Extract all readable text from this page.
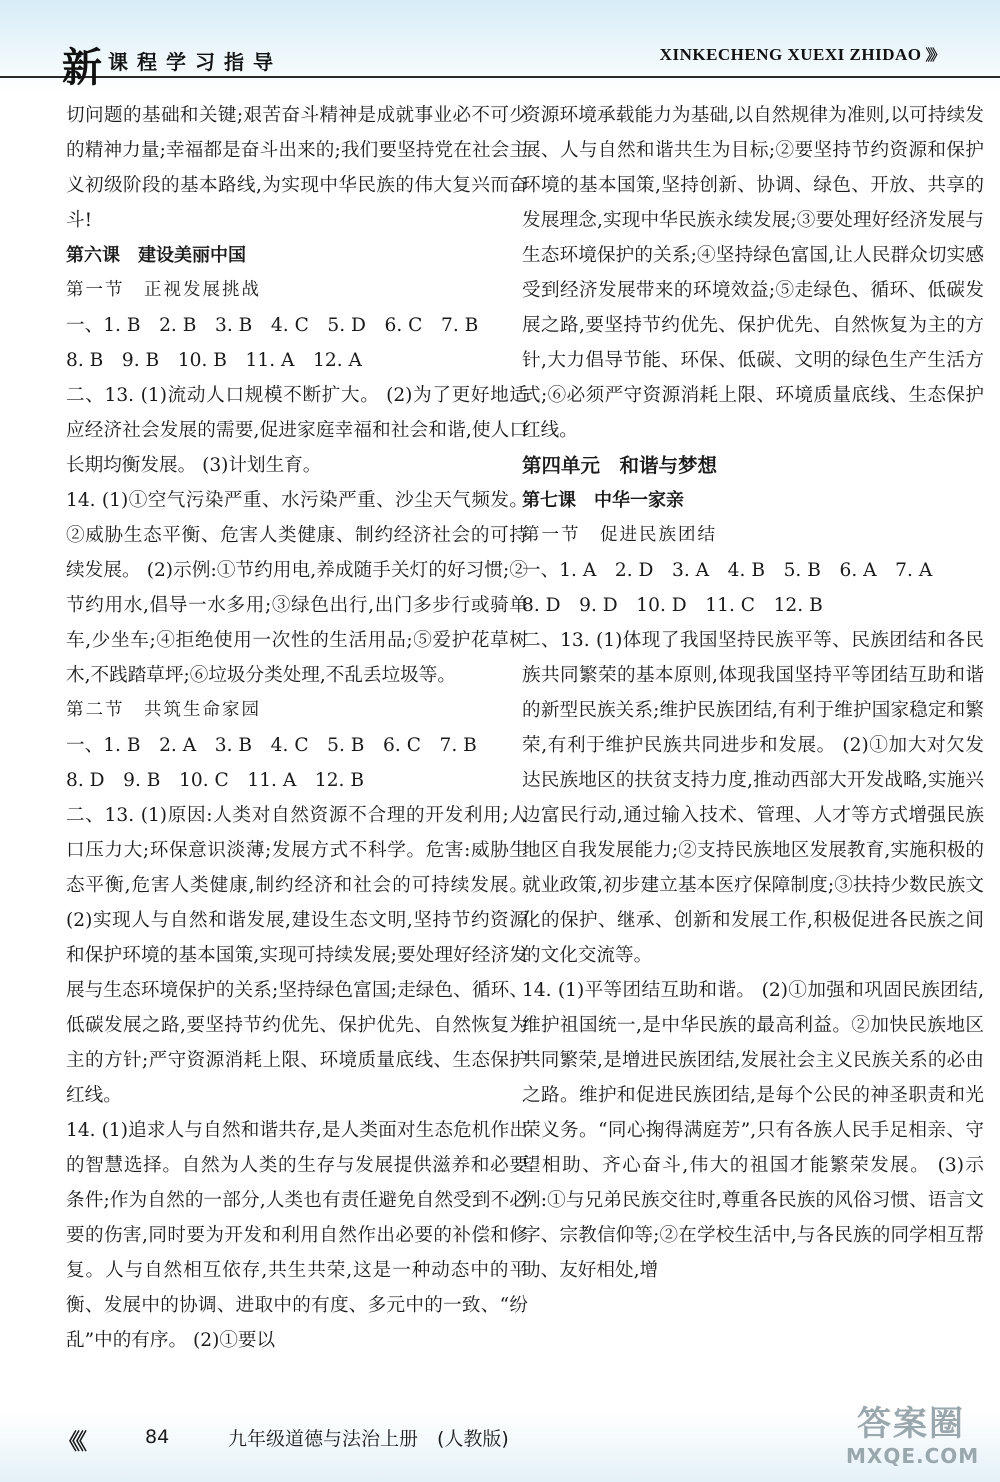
新 课程学习指导	XINKECHENG XUEXI ZHIDAO 》》

切问题的基础和关键;艰苦奋斗精神是成就事业必不可少的精神力量;幸福都是奋斗出来的;我们要坚持党在社会主义初级阶段的基本路线,为实现中华民族的伟大复兴而奋斗!

第六课　建设美丽中国

第一节　正视发展挑战

一、1. B　2. B　3. B　4. C　5. D　6. C　7. B

8. B　9. B　10. B　11. A　12. A

二、13. (1)流动人口规模不断扩大。 (2)为了更好地适应经济社会发展的需要,促进家庭幸福和社会和谐,使人口长期均衡发展。 (3)计划生育。

14. (1)①空气污染严重、水污染严重、沙尘天气频发。②威胁生态平衡、危害人类健康、制约经济社会的可持续发展。 (2)示例:①节约用电,养成随手关灯的好习惯;②节约用水,倡导一水多用;③绿色出行,出门多步行或骑单车,少坐车;④拒绝使用一次性的生活用品;⑤爱护花草树木,不践踏草坪;⑥垃圾分类处理,不乱丢垃圾等。

第二节　共筑生命家园

一、1. B　2. A　3. B　4. C　5. B　6. C　7. B

8. D　9. B　10. C　11. A　12. B

二、13. (1)原因:人类对自然资源不合理的开发利用;人口压力大;环保意识淡薄;发展方式不科学。危害:威胁生态平衡,危害人类健康,制约经济和社会的可持续发展。 (2)实现人与自然和谐发展,建设生态文明,坚持节约资源和保护环境的基本国策,实现可持续发展;要处理好经济发展与生态环境保护的关系;坚持绿色富国;走绿色、循环、低碳发展之路,要坚持节约优先、保护优先、自然恢复为主的方针;严守资源消耗上限、环境质量底线、生态保护红线。

14. (1)追求人与自然和谐共存,是人类面对生态危机作出的智慧选择。自然为人类的生存与发展提供滋养和必要条件;作为自然的一部分,人类也有责任避免自然受到不必要的伤害,同时要为开发和利用自然作出必要的补偿和修复。人与自然相互依存,共生共荣,这是一种动态中的平衡、发展中的协调、进取中的有度、多元中的一致、“纷乱”中的有序。 (2)①要以

资源环境承载能力为基础,以自然规律为准则,以可持续发展、人与自然和谐共生为目标;②要坚持节约资源和保护环境的基本国策,坚持创新、协调、绿色、开放、共享的发展理念,实现中华民族永续发展;③要处理好经济发展与生态环境保护的关系;④坚持绿色富国,让人民群众切实感受到经济发展带来的环境效益;⑤走绿色、循环、低碳发展之路,要坚持节约优先、保护优先、自然恢复为主的方针,大力倡导节能、环保、低碳、文明的绿色生产生活方式;⑥必须严守资源消耗上限、环境质量底线、生态保护红线。

第四单元　和谐与梦想

第七课　中华一家亲

第一节　促进民族团结

一、1. A　2. D　3. A　4. B　5. B　6. A　7. A

8. D　9. D　10. D　11. C　12. B

二、13. (1)体现了我国坚持民族平等、民族团结和各民族共同繁荣的基本原则,体现我国坚持平等团结互助和谐的新型民族关系;维护民族团结,有利于维护国家稳定和繁荣,有利于维护民族共同进步和发展。 (2)①加大对欠发达民族地区的扶贫支持力度,推动西部大开发战略,实施兴边富民行动,通过输入技术、管理、人才等方式增强民族地区自我发展能力;②支持民族地区发展教育,实施积极的就业政策,初步建立基本医疗保障制度;③扶持少数民族文化的保护、继承、创新和发展工作,积极促进各民族之间的文化交流等。

14. (1)平等团结互助和谐。 (2)①加强和巩固民族团结,维护祖国统一,是中华民族的最高利益。②加快民族地区共同繁荣,是增进民族团结,发展社会主义民族关系的必由之路。维护和促进民族团结,是每个公民的神圣职责和光荣义务。“同心掬得满庭芳”,只有各族人民手足相亲、守望相助、齐心奋斗,伟大的祖国才能繁荣发展。 (3)示例:①与兄弟民族交往时,尊重各民族的风俗习惯、语言文字、宗教信仰等;②在学校生活中,与各民族的同学相互帮助、友好相处,增

《《	84	九年级道德与法治上册　(人教版)	答案圈
MXQE.COM
